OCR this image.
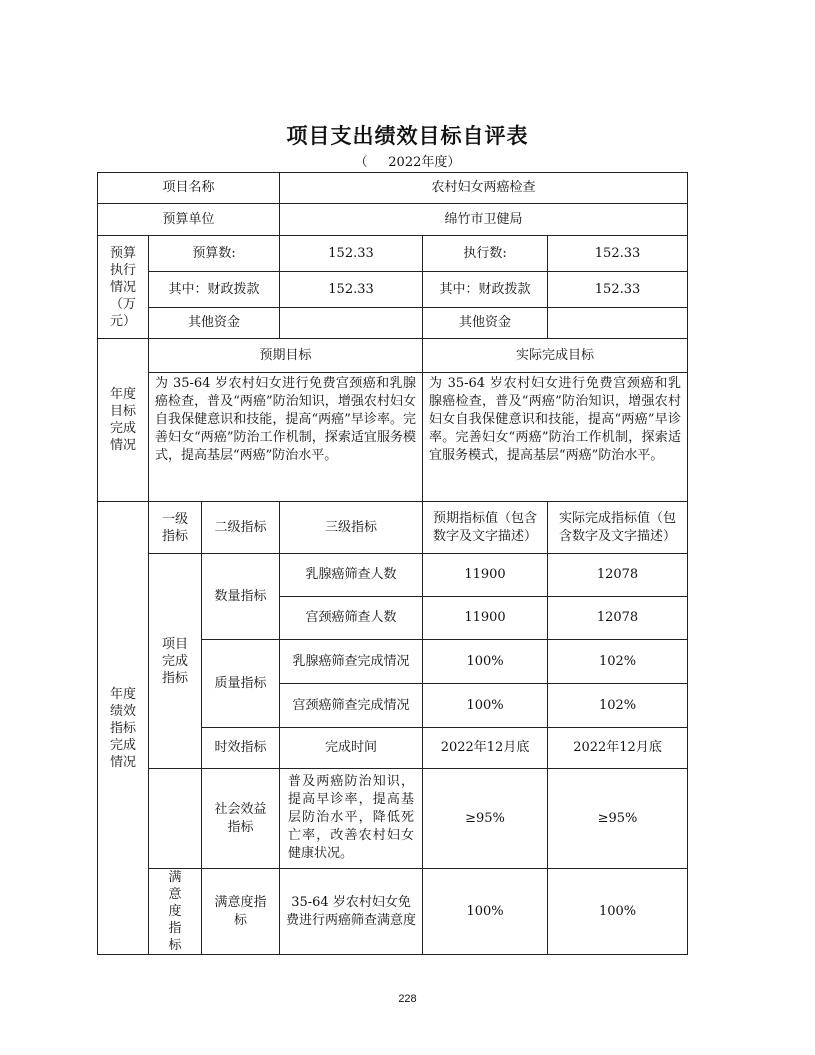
项目支出绩效目标自评表
（     2022年度）
项目名称			农村妇女两癌检查		
预算单位			绵竹市卫健局		

预算执行情况（万元）	预算数:		152.33	执行数:	152.33
	其中：财政拨款		152.33	其中：财政拨款	152.33
	其他资金			其他资金	

年度目标完成情况	预期目标			实际完成目标	
	为 35-64 岁农村妇女进行免费宫颈癌和乳腺癌检查，普及“两癌”防治知识，增强农村妇女自我保健意识和技能，提高“两癌”早诊率。完善妇女“两癌”防治工作机制，探索适宜服务模式，提高基层“两癌”防治水平。			为 35-64 岁农村妇女进行免费宫颈癌和乳腺癌检查，普及“两癌”防治知识，增强农村妇女自我保健意识和技能，提高“两癌”早诊率。完善妇女“两癌”防治工作机制，探索适宜服务模式，提高基层“两癌”防治水平。	

年度绩效指标完成情况	一级指标	二级指标	三级指标	预期指标值（包含数字及文字描述）	实际完成指标值（包含数字及文字描述）

	项目完成指标	数量指标	乳腺癌筛查人数	11900	12078
			宫颈癌筛查人数	11900	12078
		质量指标	乳腺癌筛查完成情况	100%	102%
			宫颈癌筛查完成情况	100%	102%
		时效指标	完成时间	2022年12月底	2022年12月底

		社会效益指标	普及两癌防治知识，提高早诊率，提高基层防治水平，降低死亡率，改善农村妇女健康状况。	≥95%	≥95%

	满意度指标	满意度指标	35-64 岁农村妇女免费进行两癌筛查满意度	100%	100%
228
